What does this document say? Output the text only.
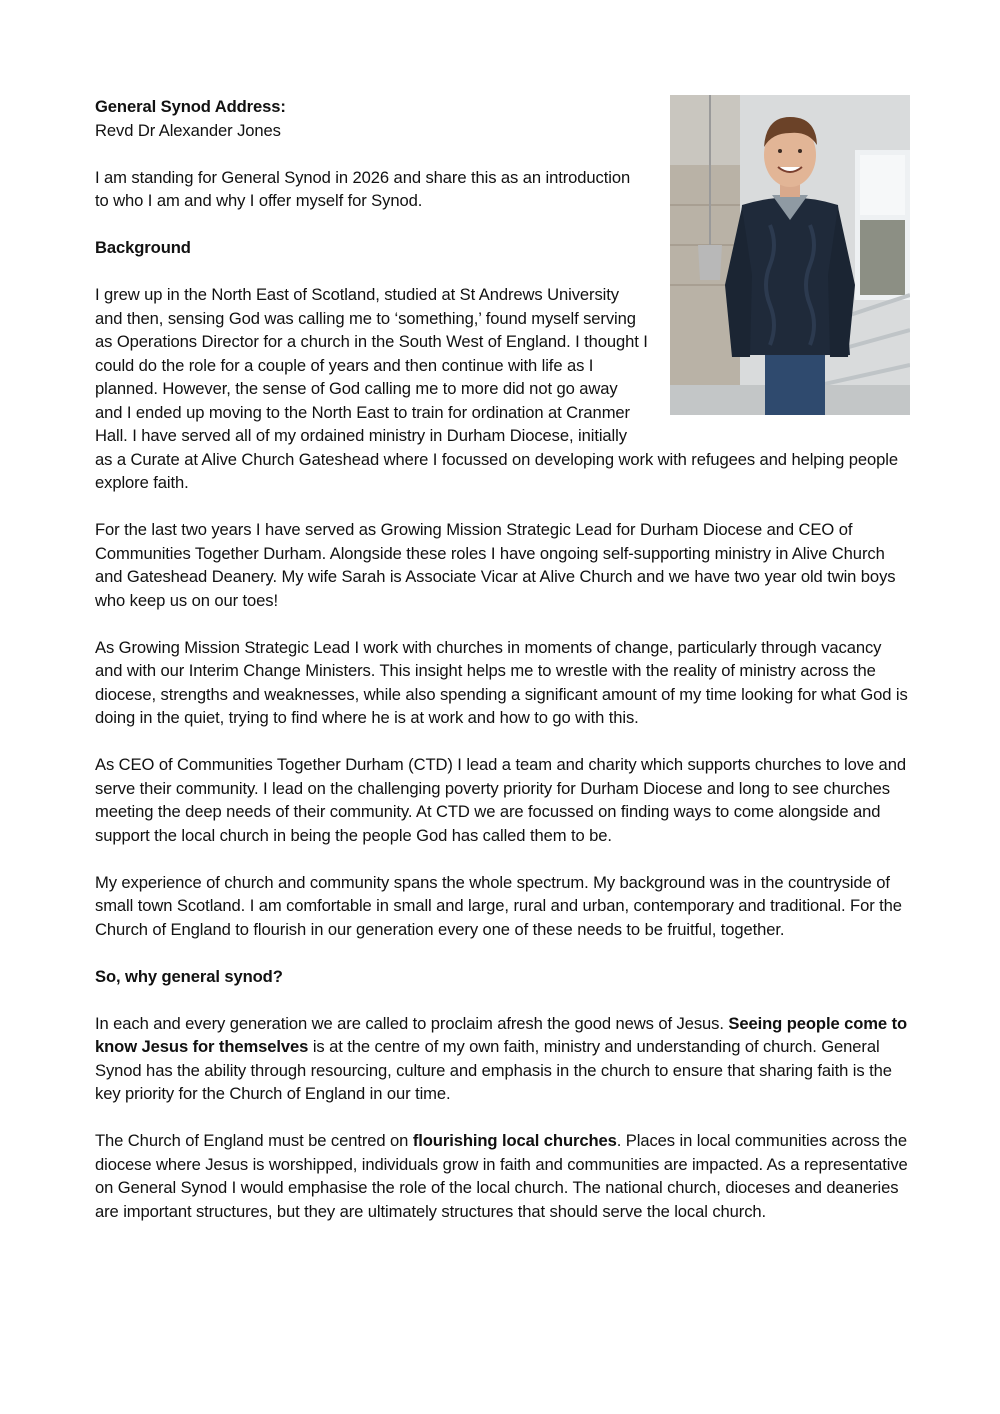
General Synod Address:
Revd Dr Alexander Jones

I am standing for General Synod in 2026 and share this as an introduction to who I am and why I offer myself for Synod.

Background

I grew up in the North East of Scotland, studied at St Andrews University and then, sensing God was calling me to ‘something,’ found myself serving as Operations Director for a church in the South West of England. I thought I could do the role for a couple of years and then continue with life as I planned. However, the sense of God calling me to more did not go away and I ended up moving to the North East to train for ordination at Cranmer Hall. I have served all of my ordained ministry in Durham Diocese, initially as a Curate at Alive Church Gateshead where I focussed on developing work with refugees and helping people explore faith.

For the last two years I have served as Growing Mission Strategic Lead for Durham Diocese and CEO of Communities Together Durham. Alongside these roles I have ongoing self-supporting ministry in Alive Church and Gateshead Deanery. My wife Sarah is Associate Vicar at Alive Church and we have two year old twin boys who keep us on our toes!

As Growing Mission Strategic Lead I work with churches in moments of change, particularly through vacancy and with our Interim Change Ministers. This insight helps me to wrestle with the reality of ministry across the diocese, strengths and weaknesses, while also spending a significant amount of my time looking for what God is doing in the quiet, trying to find where he is at work and how to go with this.

As CEO of Communities Together Durham (CTD) I lead a team and charity which supports churches to love and serve their community. I lead on the challenging poverty priority for Durham Diocese and long to see churches meeting the deep needs of their community. At CTD we are focussed on finding ways to come alongside and support the local church in being the people God has called them to be.

My experience of church and community spans the whole spectrum. My background was in the countryside of small town Scotland. I am comfortable in small and large, rural and urban, contemporary and traditional. For the Church of England to flourish in our generation every one of these needs to be fruitful, together.

So, why general synod?

In each and every generation we are called to proclaim afresh the good news of Jesus. Seeing people come to know Jesus for themselves is at the centre of my own faith, ministry and understanding of church. General Synod has the ability through resourcing, culture and emphasis in the church to ensure that sharing faith is the key priority for the Church of England in our time.

The Church of England must be centred on flourishing local churches. Places in local communities across the diocese where Jesus is worshipped, individuals grow in faith and communities are impacted. As a representative on General Synod I would emphasise the role of the local church. The national church, dioceses and deaneries are important structures, but they are ultimately structures that should serve the local church.
